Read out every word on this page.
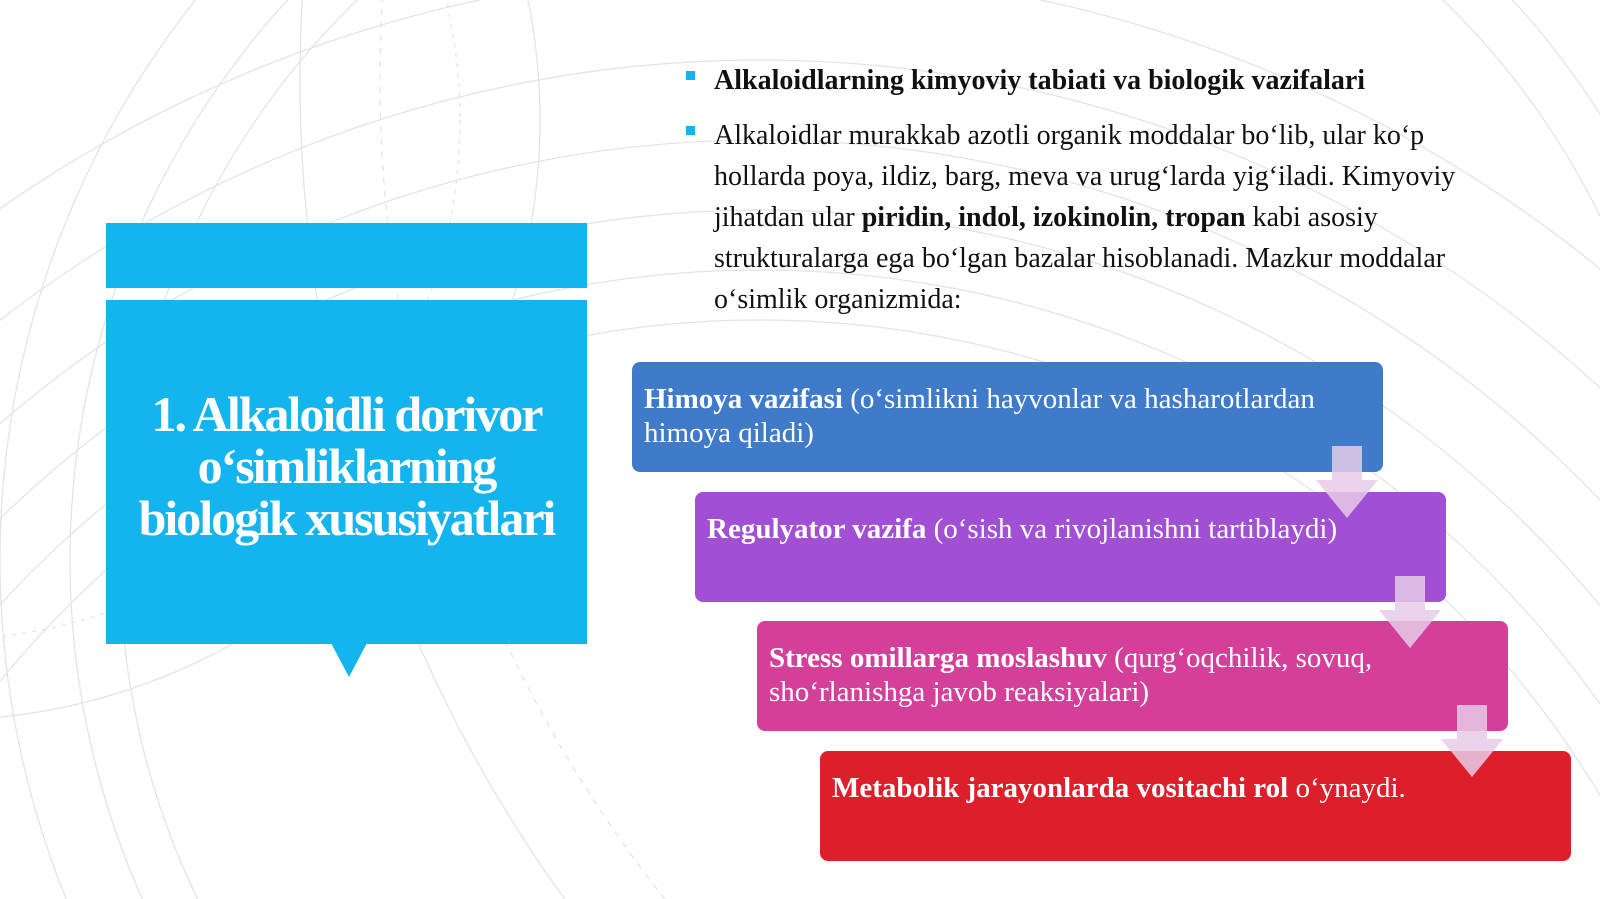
1. Alkaloidli dorivor o‘simliklarning biologik xususiyatlari
Alkaloidlarning kimyoviy tabiati va biologik vazifalari
Alkaloidlar murakkab azotli organik moddalar bo‘lib, ular ko‘p hollarda poya, ildiz, barg, meva va urug‘larda yig‘iladi. Kimyoviy jihatdan ular piridin, indol, izokinolin, tropan kabi asosiy strukturalarga ega bo‘lgan bazalar hisoblanadi. Mazkur moddalar o‘simlik organizmida:
Himoya vazifasi (o‘simlikni hayvonlar va hasharotlardan himoya qiladi)
Regulyator vazifa (o‘sish va rivojlanishni tartiblaydi)
Stress omillarga moslashuv (qurg‘oqchilik, sovuq, sho‘rlanishga javob reaksiyalari)
Metabolik jarayonlarda vositachi rol o‘ynaydi.
